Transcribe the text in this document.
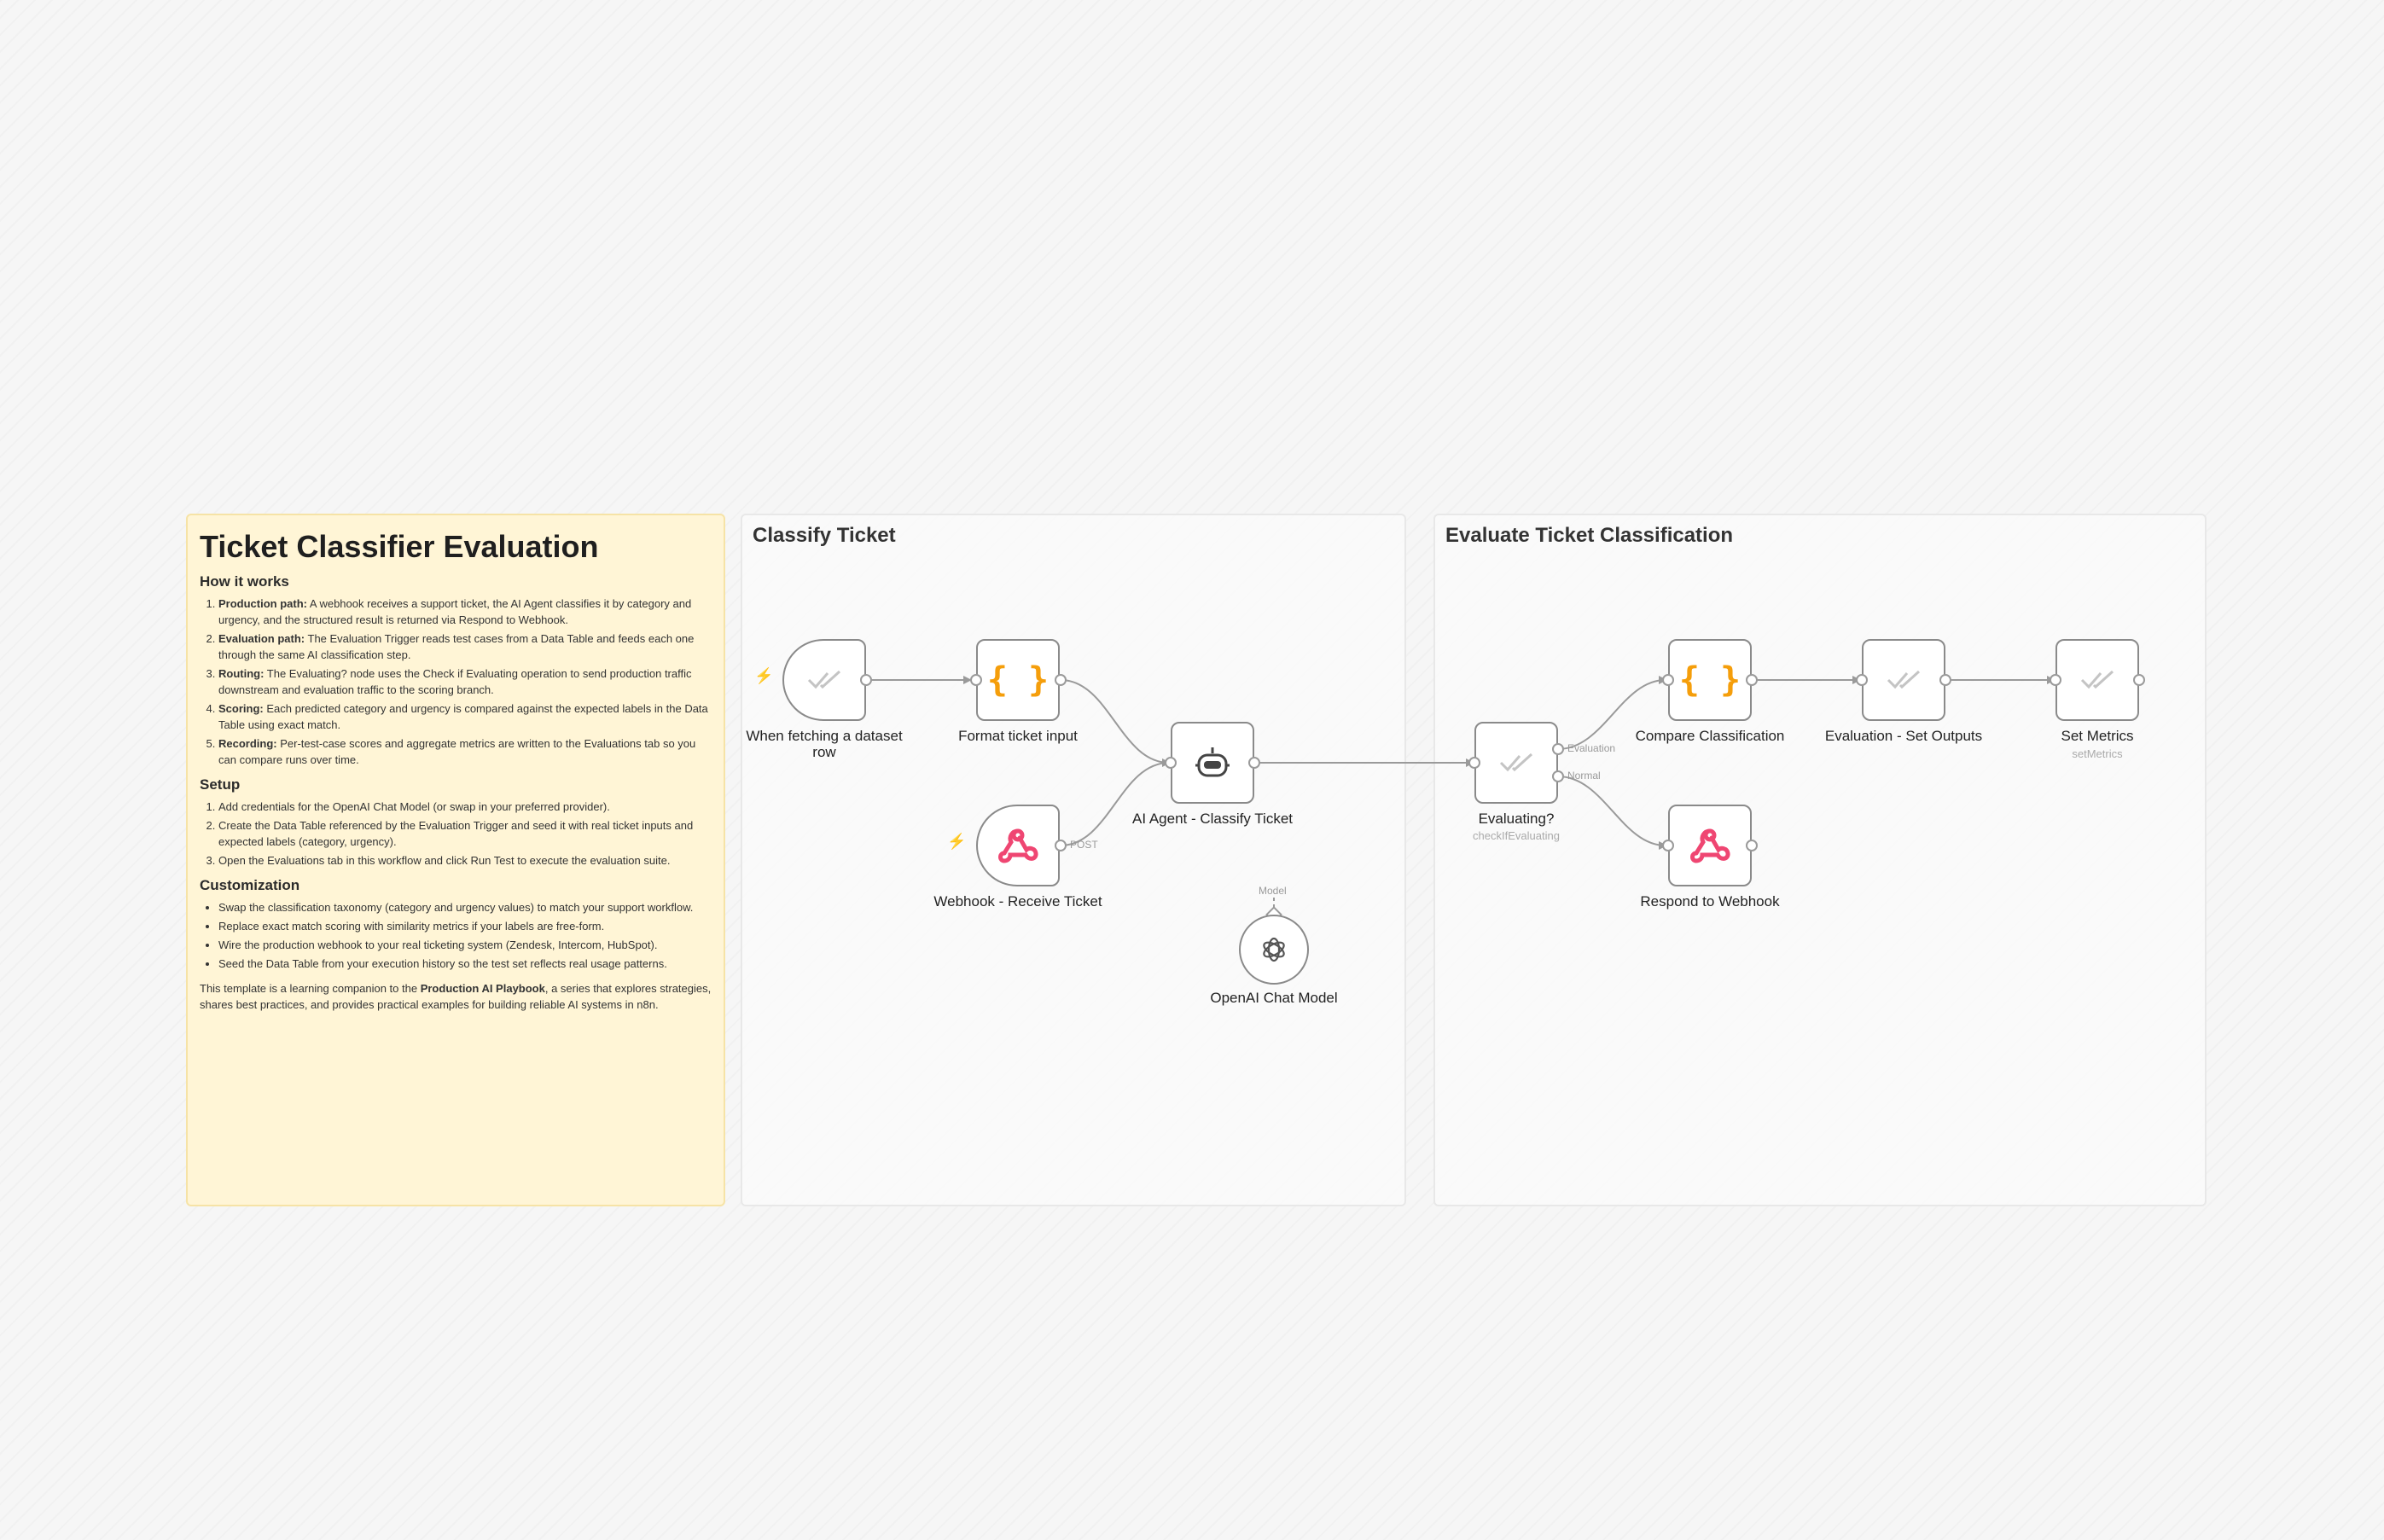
Ticket Classifier Evaluation
How it works
1. Production path: A webhook receives a support ticket, the AI Agent classifies it by category and urgency, and the structured result is returned via Respond to Webhook.
2. Evaluation path: The Evaluation Trigger reads test cases from a Data Table and feeds each one through the same AI classification step.
3. Routing: The Evaluating? node uses the Check if Evaluating operation to send production traffic downstream and evaluation traffic to the scoring branch.
4. Scoring: Each predicted category and urgency is compared against the expected labels in the Data Table using exact match.
5. Recording: Per-test-case scores and aggregate metrics are written to the Evaluations tab so you can compare runs over time.
Setup
1. Add credentials for the OpenAI Chat Model (or swap in your preferred provider).
2. Create the Data Table referenced by the Evaluation Trigger and seed it with real ticket inputs and expected labels (category, urgency).
3. Open the Evaluations tab in this workflow and click Run Test to execute the evaluation suite.
Customization
• Swap the classification taxonomy (category and urgency values) to match your support workflow.
• Replace exact match scoring with similarity metrics if your labels are free-form.
• Wire the production webhook to your real ticketing system (Zendesk, Intercom, HubSpot).
• Seed the Data Table from your execution history so the test set reflects real usage patterns.

This template is a learning companion to the Production AI Playbook, a series that explores strategies, shares best practices, and provides practical examples for building reliable AI systems in n8n.

Classify Ticket	Evaluate Ticket Classification
⚡
When fetching a dataset row
{ }
Format ticket input
⚡	POST
Webhook - Receive Ticket
AI Agent - Classify Ticket
Model
OpenAI Chat Model
Evaluation
Normal
Evaluating?
checkIfEvaluating
{ }
Compare Classification	Evaluation - Set Outputs	Set Metrics
setMetrics
Respond to Webhook
